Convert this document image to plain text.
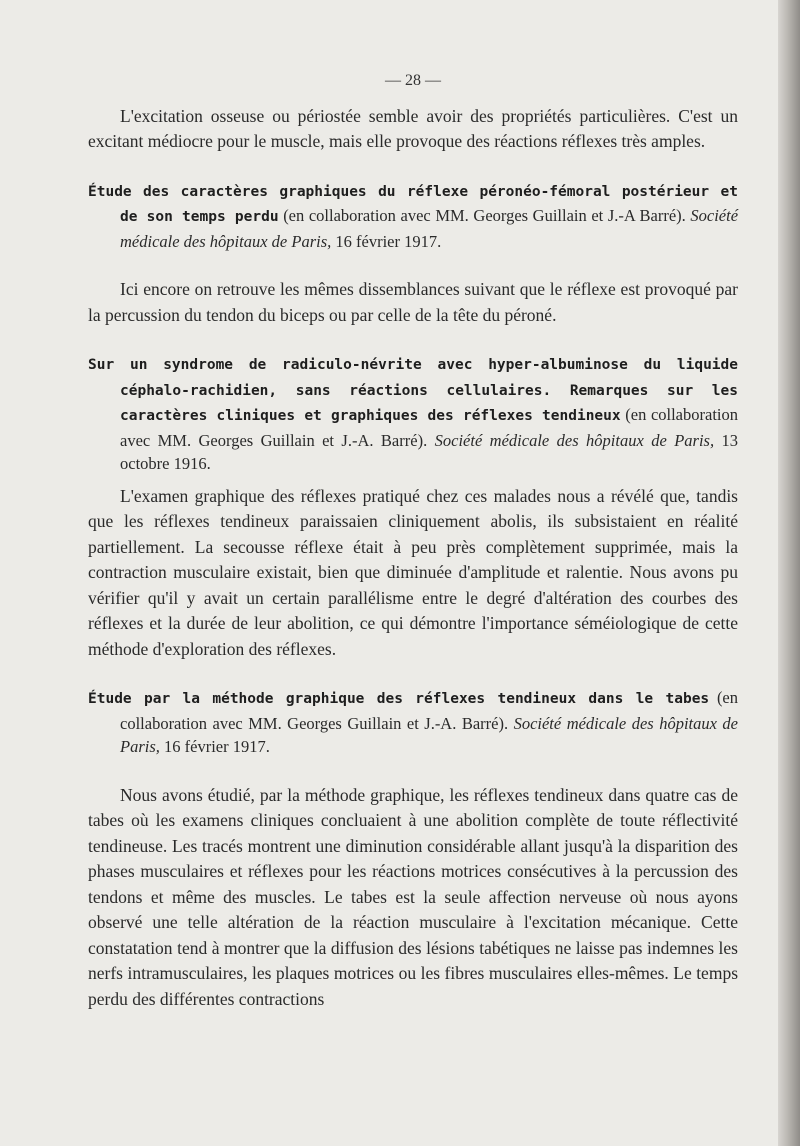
— 28 —

L'excitation osseuse ou périostée semble avoir des propriétés particulières. C'est un excitant médiocre pour le muscle, mais elle provoque des réactions réflexes très amples.

Étude des caractères graphiques du réflexe péronéo-fémoral postérieur et de son temps perdu (en collaboration avec MM. Georges Guillain et J.-A Barré). Société médicale des hôpitaux de Paris, 16 février 1917.

Ici encore on retrouve les mêmes dissemblances suivant que le réflexe est provoqué par la percussion du tendon du biceps ou par celle de la tête du péroné.

Sur un syndrome de radiculo-névrite avec hyper-albuminose du liquide céphalo-rachidien, sans réactions cellulaires. Remarques sur les caractères cliniques et graphiques des réflexes tendineux (en collaboration avec MM. Georges Guillain et J.-A. Barré). Société médicale des hôpitaux de Paris, 13 octobre 1916.

L'examen graphique des réflexes pratiqué chez ces malades nous a révélé que, tandis que les réflexes tendineux paraissaien cliniquement abolis, ils subsistaient en réalité partiellement. La secousse réflexe était à peu près complètement supprimée, mais la contraction musculaire existait, bien que diminuée d'amplitude et ralentie. Nous avons pu vérifier qu'il y avait un certain parallélisme entre le degré d'altération des courbes des réflexes et la durée de leur abolition, ce qui démontre l'importance séméiologique de cette méthode d'exploration des réflexes.

Étude par la méthode graphique des réflexes tendineux dans le tabes (en collaboration avec MM. Georges Guillain et J.-A. Barré). Société médicale des hôpitaux de Paris, 16 février 1917.

Nous avons étudié, par la méthode graphique, les réflexes tendineux dans quatre cas de tabes où les examens cliniques concluaient à une abolition complète de toute réflectivité tendineuse. Les tracés montrent une diminution considérable allant jusqu'à la disparition des phases musculaires et réflexes pour les réactions motrices consécutives à la percussion des tendons et même des muscles. Le tabes est la seule affection nerveuse où nous ayons observé une telle altération de la réaction musculaire à l'excitation mécanique. Cette constatation tend à montrer que la diffusion des lésions tabétiques ne laisse pas indemnes les nerfs intramusculaires, les plaques motrices ou les fibres musculaires elles-mêmes. Le temps perdu des différentes contractions
